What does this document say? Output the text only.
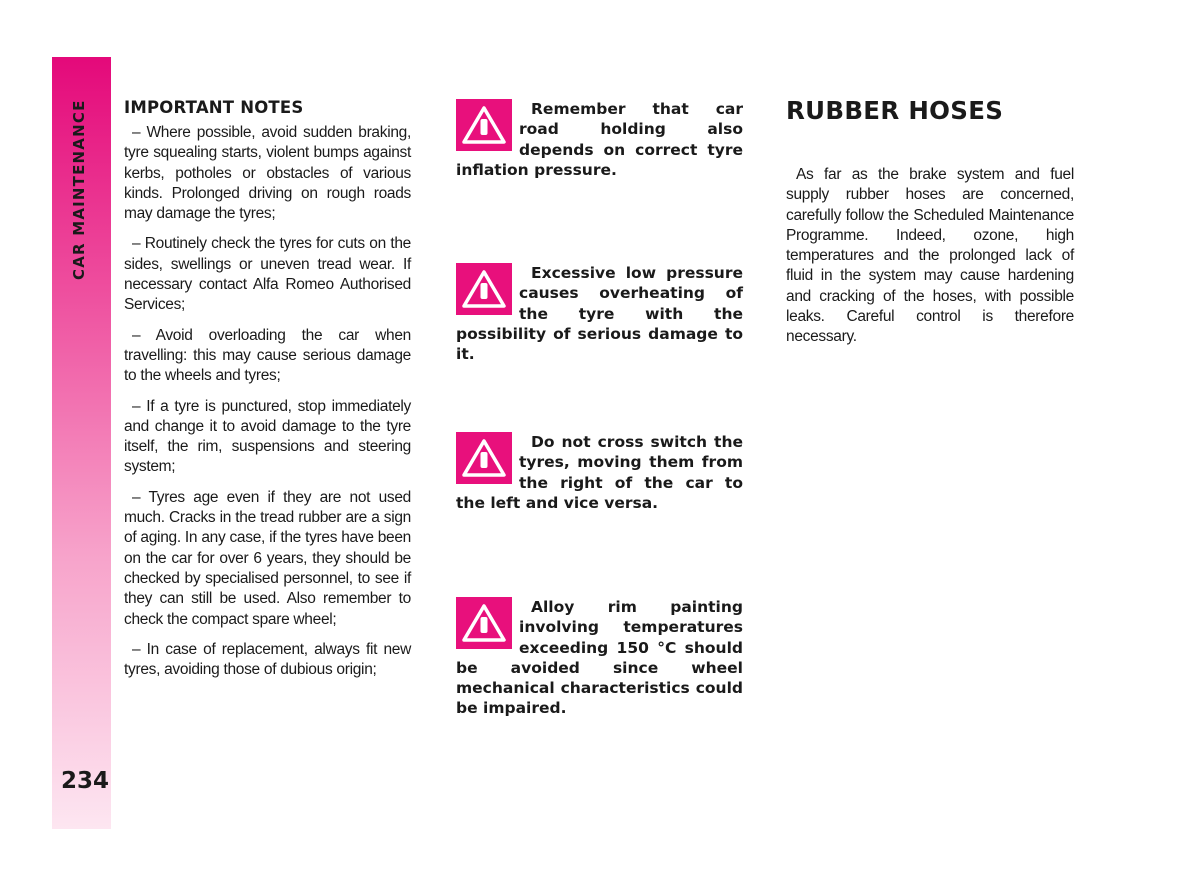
CAR MAINTENANCE
234
IMPORTANT NOTES

– Where possible, avoid sudden braking, tyre squealing starts, violent bumps against kerbs, potholes or obstacles of various kinds. Prolonged driving on rough roads may damage the tyres;

– Routinely check the tyres for cuts on the sides, swellings or uneven tread wear. If necessary contact Alfa Romeo Authorised Services;

– Avoid overloading the car when travelling: this may cause serious damage to the wheels and tyres;

– If a tyre is punctured, stop immediately and change it to avoid damage to the tyre itself, the rim, suspensions and steering system;

– Tyres age even if they are not used much. Cracks in the tread rubber are a sign of aging. In any case, if the tyres have been on the car for over 6 years, they should be checked by specialised personnel, to see if they can still be used. Also remember to check the compact spare wheel;

– In case of replacement, always fit new tyres, avoiding those of dubious origin;

Remember that car road holding also depends on correct tyre inflation pressure.

Excessive low pressure causes overheating of the tyre with the possibility of serious damage to it.

Do not cross switch the tyres, moving them from the right of the car to the left and vice versa.

Alloy rim painting involving temperatures exceeding 150 °C should be avoided since wheel mechanical characteristics could be impaired.

RUBBER HOSES

As far as the brake system and fuel supply rubber hoses are concerned, carefully follow the Scheduled Maintenance Programme. Indeed, ozone, high temperatures and the prolonged lack of fluid in the system may cause hardening and cracking of the hoses, with possible leaks. Careful control is therefore necessary.
